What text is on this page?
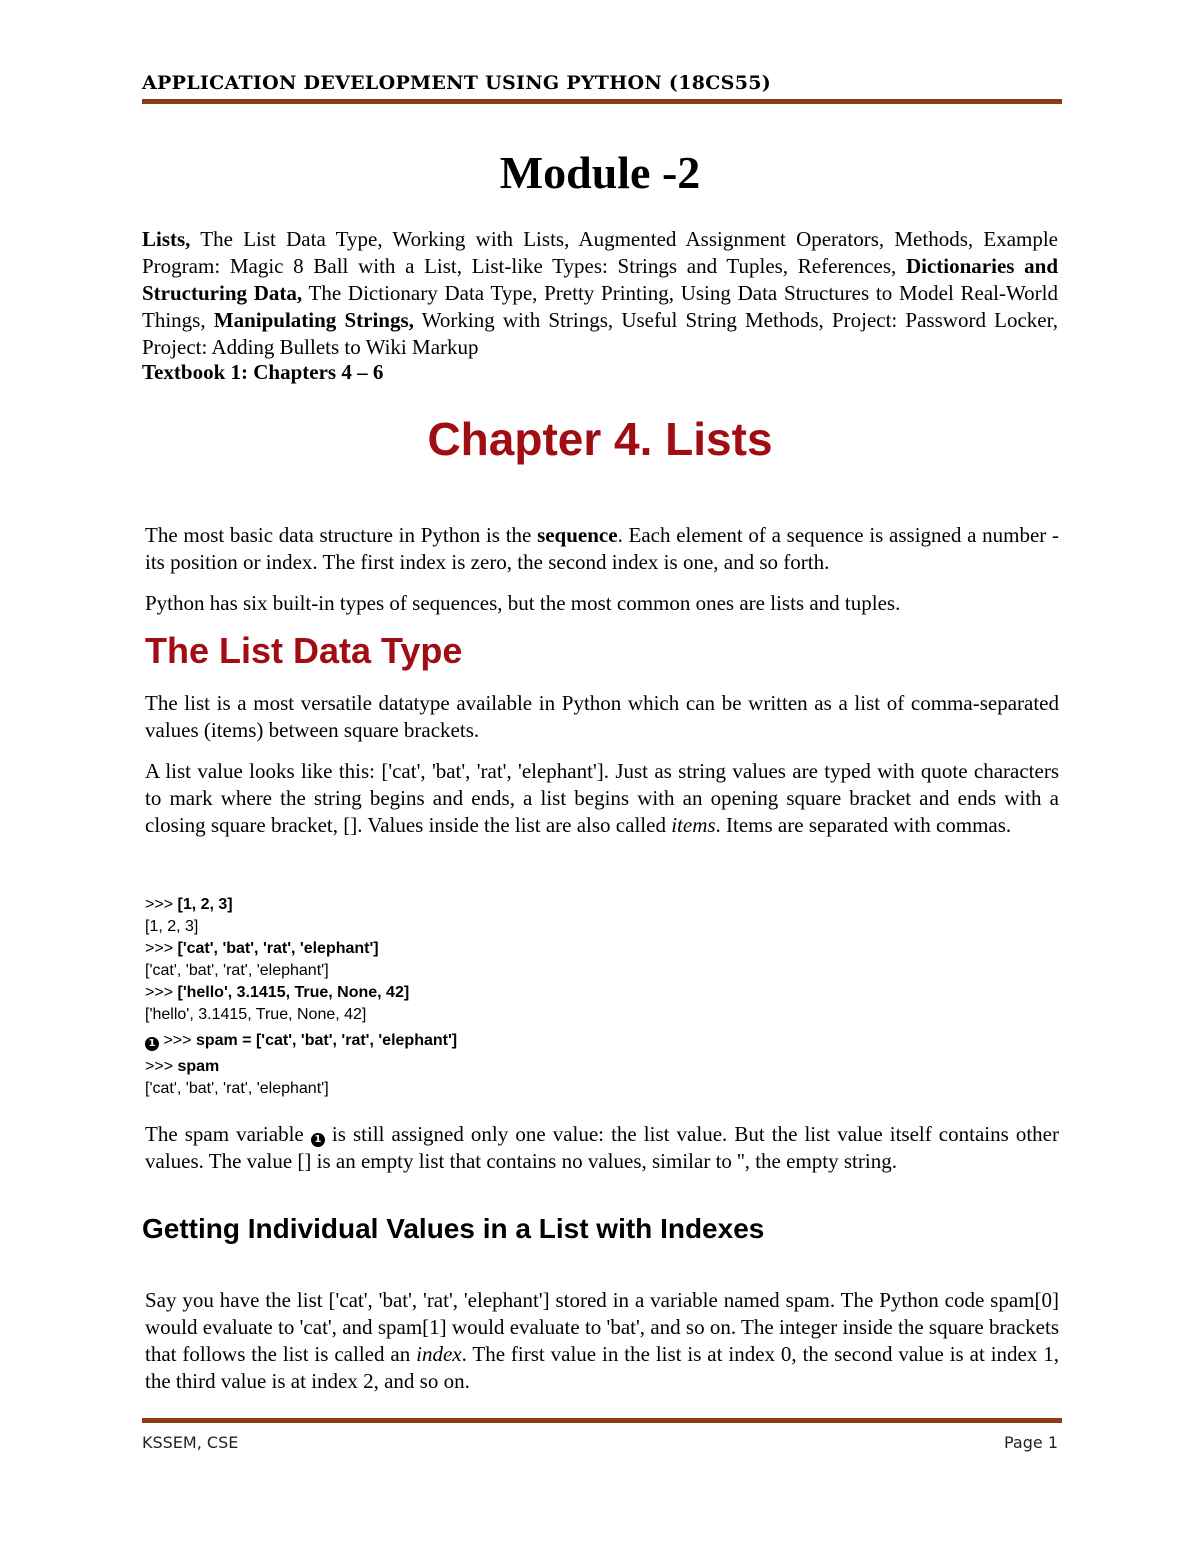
APPLICATION DEVELOPMENT USING PYTHON (18CS55)
Module -2
Lists, The List Data Type, Working with Lists, Augmented Assignment Operators, Methods, Example Program: Magic 8 Ball with a List, List-like Types: Strings and Tuples, References, Dictionaries and Structuring Data, The Dictionary Data Type, Pretty Printing, Using Data Structures to Model Real-World Things, Manipulating Strings, Working with Strings, Useful String Methods, Project: Password Locker, Project: Adding Bullets to Wiki Markup
Textbook 1: Chapters 4 – 6
Chapter 4. Lists

The most basic data structure in Python is the sequence. Each element of a sequence is assigned a number - its position or index. The first index is zero, the second index is one, and so forth.

Python has six built-in types of sequences, but the most common ones are lists and tuples.

The List Data Type

The list is a most versatile datatype available in Python which can be written as a list of comma-separated values (items) between square brackets.

A list value looks like this: ['cat', 'bat', 'rat', 'elephant']. Just as string values are typed with quote characters to mark where the string begins and ends, a list begins with an opening square bracket and ends with a closing square bracket, []. Values inside the list are also called items. Items are separated with commas.

>>> [1, 2, 3]
[1, 2, 3]
>>> ['cat', 'bat', 'rat', 'elephant']
['cat', 'bat', 'rat', 'elephant']
>>> ['hello', 3.1415, True, None, 42]
['hello', 3.1415, True, None, 42]
1 >>> spam = ['cat', 'bat', 'rat', 'elephant']
>>> spam
['cat', 'bat', 'rat', 'elephant']

The spam variable 1 is still assigned only one value: the list value. But the list value itself contains other values. The value [] is an empty list that contains no values, similar to '', the empty string.

Getting Individual Values in a List with Indexes

Say you have the list ['cat', 'bat', 'rat', 'elephant'] stored in a variable named spam. The Python code spam[0] would evaluate to 'cat', and spam[1] would evaluate to 'bat', and so on. The integer inside the square brackets that follows the list is called an index. The first value in the list is at index 0, the second value is at index 1, the third value is at index 2, and so on.

KSSEM, CSE	Page 1
